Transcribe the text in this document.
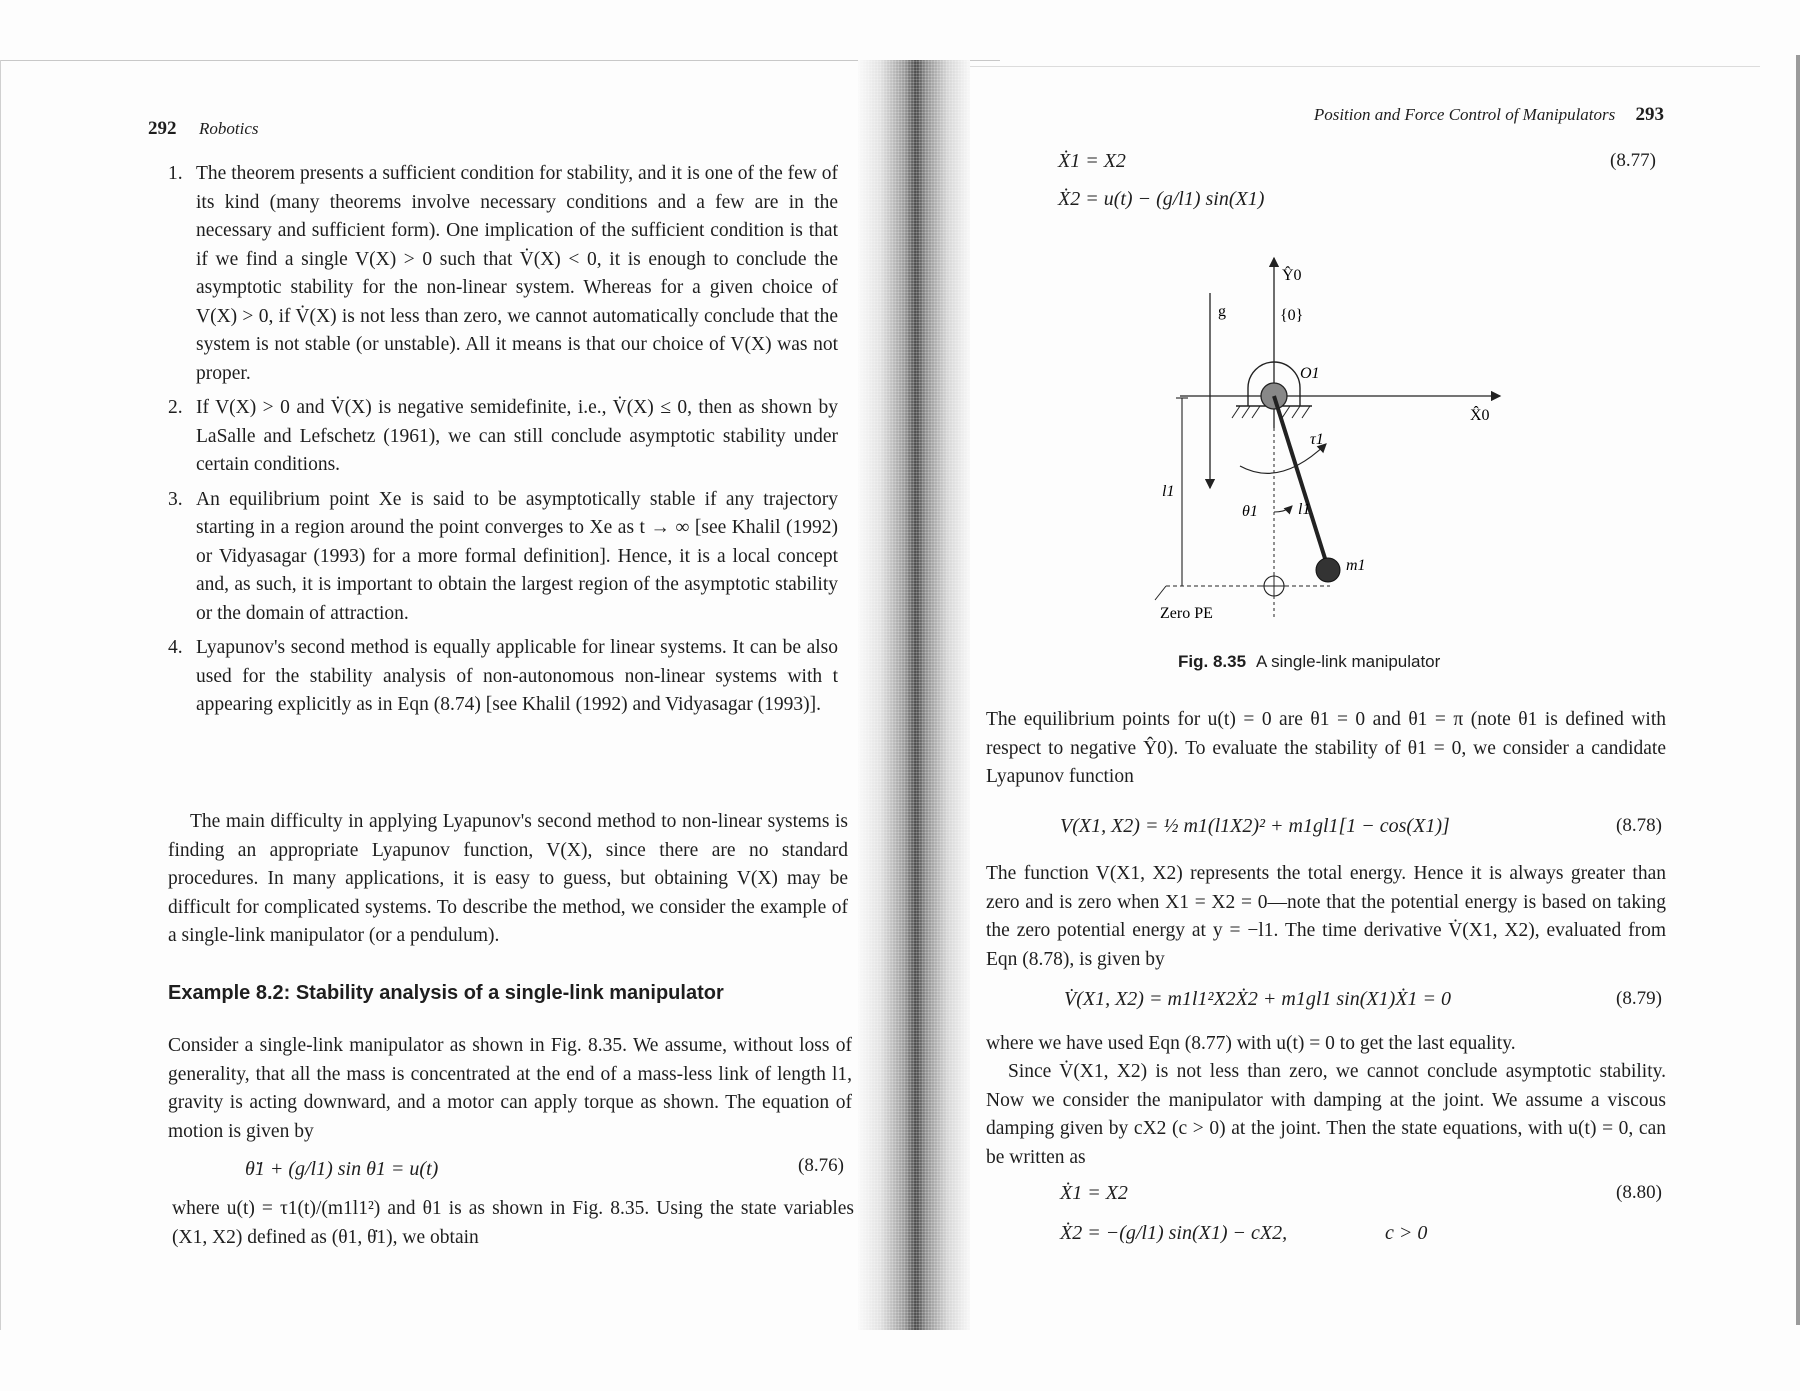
292 Robotics
1. The theorem presents a sufficient condition for stability, and it is one of the few of its kind (many theorems involve necessary conditions and a few are in the necessary and sufficient form). One implication of the sufficient condition is that if we find a single V(X) > 0 such that V̇(X) < 0, it is enough to conclude the asymptotic stability for the non-linear system. Whereas for a given choice of V(X) > 0, if V̇(X) is not less than zero, we cannot automatically conclude that the system is not stable (or unstable). All it means is that our choice of V(X) was not proper.
2. If V(X) > 0 and V̇(X) is negative semidefinite, i.e., V̇(X) ≤ 0, then as shown by LaSalle and Lefschetz (1961), we can still conclude asymptotic stability under certain conditions.
3. An equilibrium point Xe is said to be asymptotically stable if any trajectory starting in a region around the point converges to Xe as t → ∞ [see Khalil (1992) or Vidyasagar (1993) for a more formal definition]. Hence, it is a local concept and, as such, it is important to obtain the largest region of the asymptotic stability or the domain of attraction.
4. Lyapunov's second method is equally applicable for linear systems. It can be also used for the stability analysis of non-autonomous non-linear systems with t appearing explicitly as in Eqn (8.74) [see Khalil (1992) and Vidyasagar (1993)].
The main difficulty in applying Lyapunov's second method to non-linear systems is finding an appropriate Lyapunov function, V(X), since there are no standard procedures. In many applications, it is easy to guess, but obtaining V(X) may be difficult for complicated systems. To describe the method, we consider the example of a single-link manipulator (or a pendulum).
Example 8.2: Stability analysis of a single-link manipulator
Consider a single-link manipulator as shown in Fig. 8.35. We assume, without loss of generality, that all the mass is concentrated at the end of a mass-less link of length l1, gravity is acting downward, and a motor can apply torque as shown. The equation of motion is given by
θ̈1 + (g/l1) sin θ1 = u(t)	(8.76)
where u(t) = τ1(t)/(m1l1²) and θ1 is as shown in Fig. 8.35. Using the state variables (X1, X2) defined as (θ1, θ̇1), we obtain
Position and Force Control of Manipulators 293
Ẋ1 = X2
Ẋ2 = u(t) − (g/l1) sin(X1)
(8.77)
Ŷ0
{0}
g
O1
X̂0
τ1
l1
θ1	l1
m1
Zero PE
Fig. 8.35 A single-link manipulator
The equilibrium points for u(t) = 0 are θ1 = 0 and θ1 = π (note θ1 is defined with respect to negative Ŷ0). To evaluate the stability of θ1 = 0, we consider a candidate Lyapunov function
V(X1, X2) = ½ m1(l1X2)² + m1gl1[1 − cos(X1)]	(8.78)
The function V(X1, X2) represents the total energy. Hence it is always greater than zero and is zero when X1 = X2 = 0—note that the potential energy is based on taking the zero potential energy at y = −l1. The time derivative V̇(X1, X2), evaluated from Eqn (8.78), is given by
V̇(X1, X2) = m1l1²X2Ẋ2 + m1gl1 sin(X1)Ẋ1 = 0	(8.79)
where we have used Eqn (8.77) with u(t) = 0 to get the last equality.
Since V̇(X1, X2) is not less than zero, we cannot conclude asymptotic stability. Now we consider the manipulator with damping at the joint. We assume a viscous damping given by cX2 (c > 0) at the joint. Then the state equations, with u(t) = 0, can be written as
Ẋ1 = X2
Ẋ2 = −(g/l1) sin(X1) − cX2,	c > 0
(8.80)
